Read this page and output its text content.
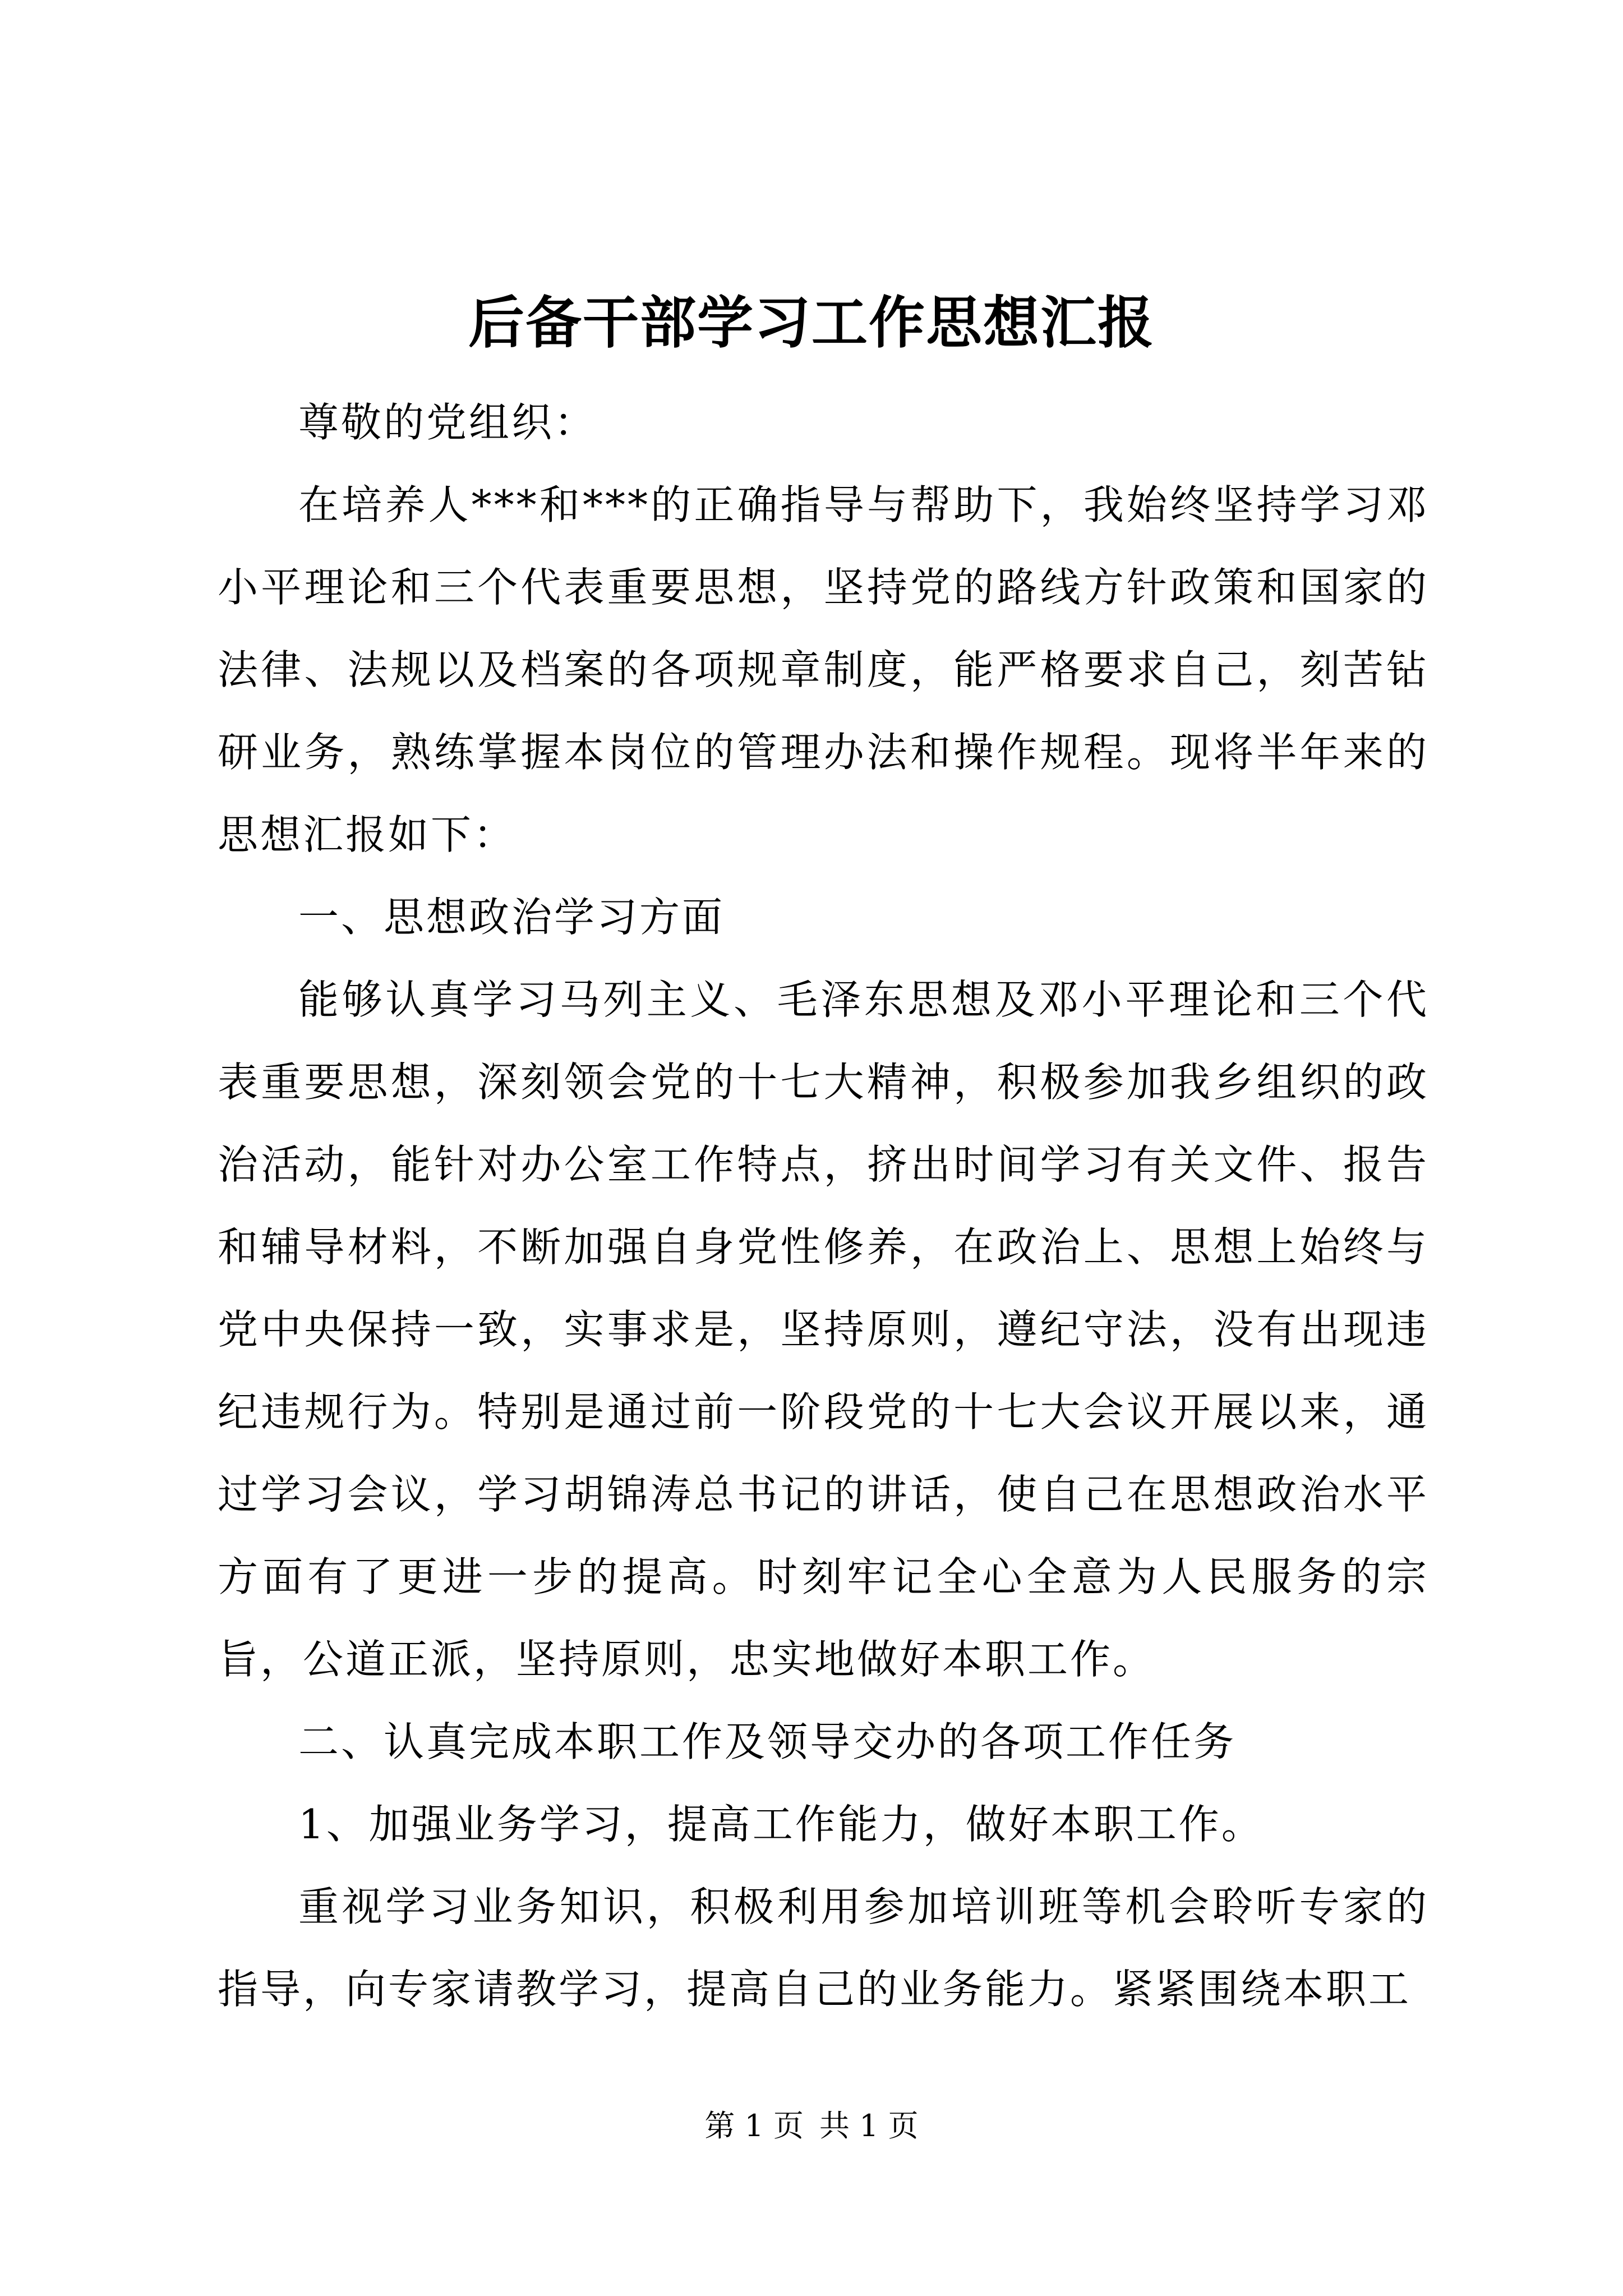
后备干部学习工作思想汇报

尊敬的党组织：

在培养人***和***的正确指导与帮助下，我始终坚持学习邓小平理论和三个代表重要思想，坚持党的路线方针政策和国家的法律、法规以及档案的各项规章制度，能严格要求自己，刻苦钻研业务，熟练掌握本岗位的管理办法和操作规程。现将半年来的思想汇报如下：

一、思想政治学习方面

能够认真学习马列主义、毛泽东思想及邓小平理论和三个代表重要思想，深刻领会党的十七大精神，积极参加我乡组织的政治活动，能针对办公室工作特点，挤出时间学习有关文件、报告和辅导材料，不断加强自身党性修养，在政治上、思想上始终与党中央保持一致，实事求是，坚持原则，遵纪守法，没有出现违纪违规行为。特别是通过前一阶段党的十七大会议开展以来，通过学习会议，学习胡锦涛总书记的讲话，使自己在思想政治水平方面有了更进一步的提高。时刻牢记全心全意为人民服务的宗旨，公道正派，坚持原则，忠实地做好本职工作。

二、认真完成本职工作及领导交办的各项工作任务

1、加强业务学习，提高工作能力，做好本职工作。

重视学习业务知识，积极利用参加培训班等机会聆听专家的指导，向专家请教学习，提高自己的业务能力。紧紧围绕本职工

第 1 页 共 1 页
